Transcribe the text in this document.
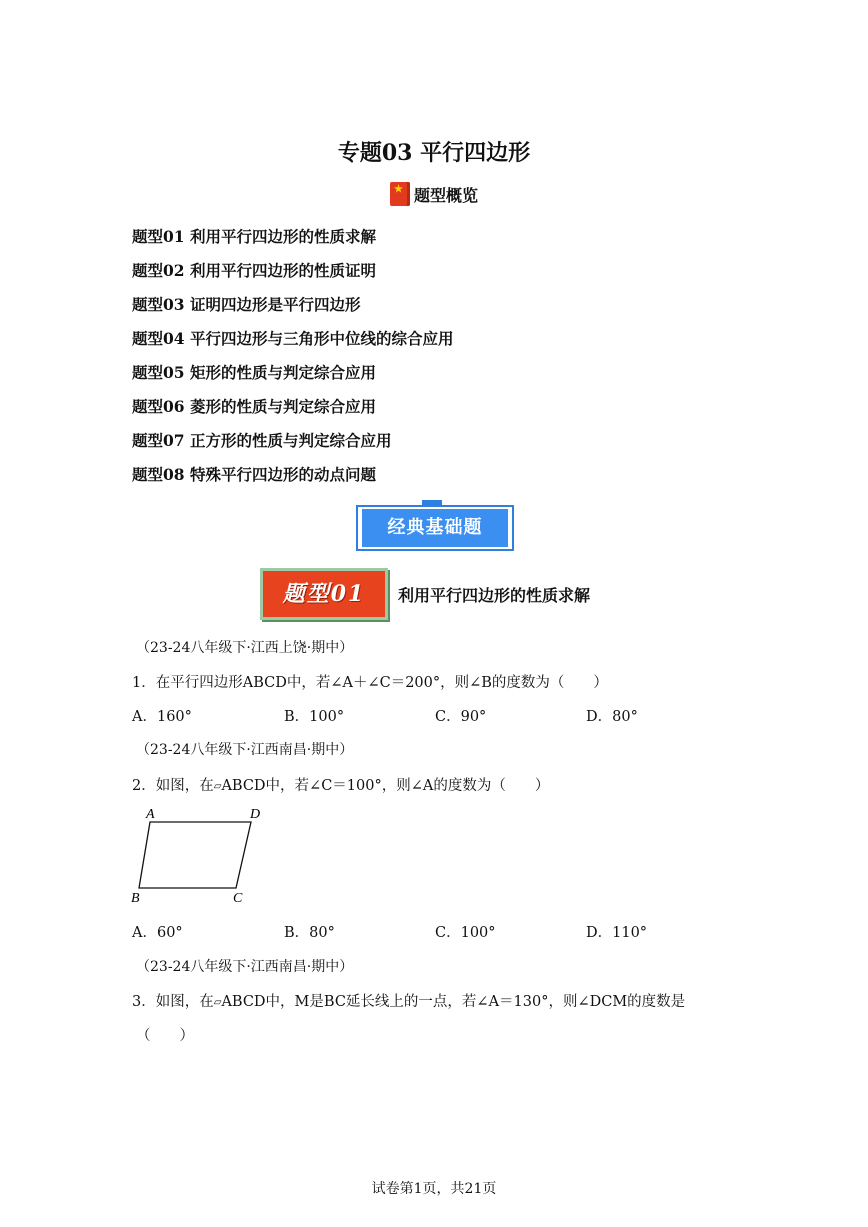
专题03 平行四边形
★
题型概览
题型01 利用平行四边形的性质求解
题型02 利用平行四边形的性质证明
题型03 证明四边形是平行四边形
题型04 平行四边形与三角形中位线的综合应用
题型05 矩形的性质与判定综合应用
题型06 菱形的性质与判定综合应用
题型07 正方形的性质与判定综合应用
题型08 特殊平行四边形的动点问题
经典基础题
题型01	利用平行四边形的性质求解
（23-24八年级下·江西上饶·期中）
1．在平行四边形ABCD中，若∠A＋∠C＝200°，则∠B的度数为（　　）
A．160°	B．100°	C．90°	D．80°
（23-24八年级下·江西南昌·期中）
2．如图，在▱ABCD中，若∠C＝100°，则∠A的度数为（　　）
A	D
B	C
A．60°	B．80°	C．100°	D．110°
（23-24八年级下·江西南昌·期中）
3．如图，在▱ABCD中，M是BC延长线上的一点，若∠A＝130°，则∠DCM的度数是
（　　）
试卷第1页，共21页
